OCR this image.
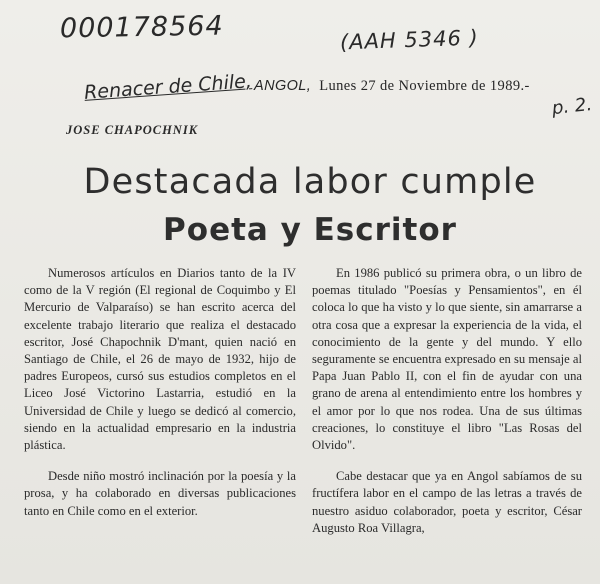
000178564	(AAH 5346 )
Renacer de Chile,
p. 2.
ANGOL, Lunes 27 de Noviembre de 1989.-
JOSE CHAPOCHNIK
Destacada labor cumple
Poeta y Escritor

Numerosos artículos en Diarios tanto de la IV como de la V región (El regional de Coquimbo y El Mercurio de Valparaíso) se han escrito acerca del excelente trabajo literario que realiza el destacado escritor, José Chapochnik D'mant, quien nació en Santiago de Chile, el 26 de mayo de 1932, hijo de padres Europeos, cursó sus estudios completos en el Liceo José Victorino Lastarria, estudió en la Universidad de Chile y luego se dedicó al comercio, siendo en la actualidad empresario en la industria plástica.

Desde niño mostró inclinación por la poesía y la prosa, y ha colaborado en diversas publicaciones tanto en Chile como en el exterior.

En 1986 publicó su primera obra, o un libro de poemas titulado "Poesías y Pensamientos", en él coloca lo que ha visto y lo que siente, sin amarrarse a otra cosa que a expresar la experiencia de la vida, el conocimiento de la gente y del mundo. Y ello seguramente se encuentra expresado en su mensaje al Papa Juan Pablo II, con el fin de ayudar con una grano de arena al entendimiento entre los hombres y el amor por lo que nos rodea. Una de sus últimas creaciones, lo constituye el libro "Las Rosas del Olvido".

Cabe destacar que ya en Angol sabíamos de su fructífera labor en el campo de las letras a través de nuestro asiduo colaborador, poeta y escritor, César Augusto Roa Villagra,
